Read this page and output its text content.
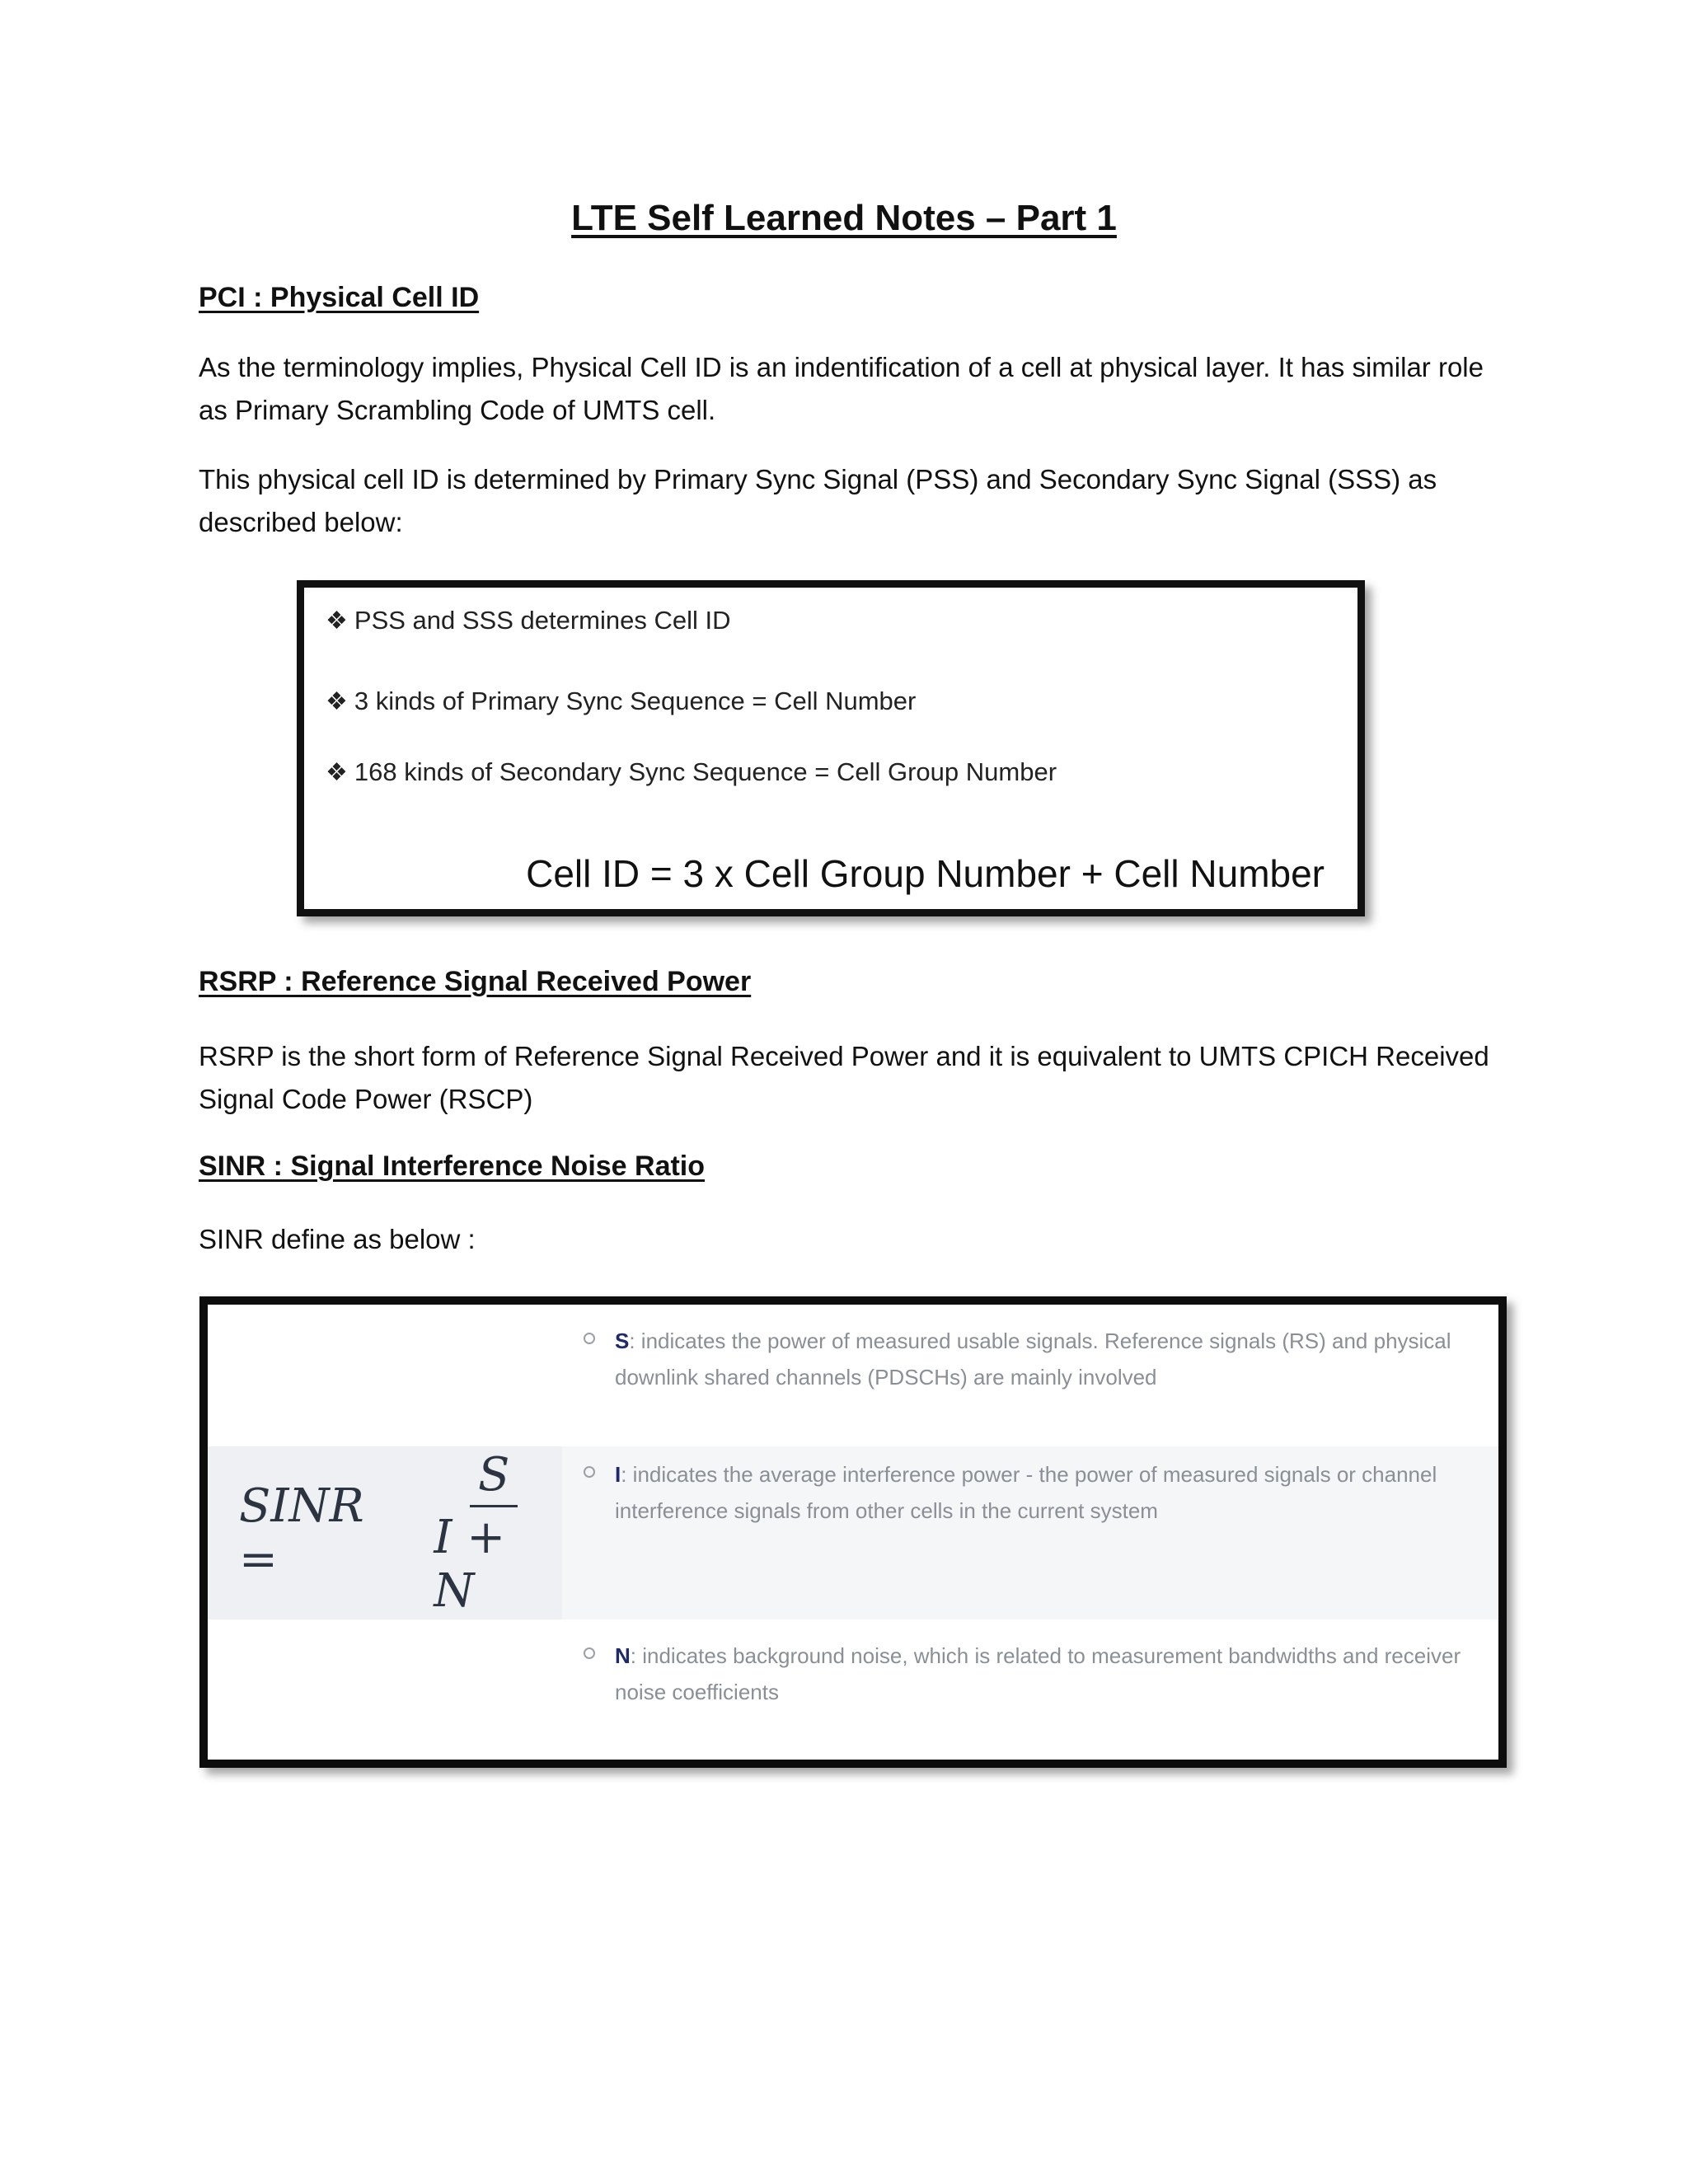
LTE Self Learned Notes – Part 1
PCI : Physical Cell ID
As the terminology implies, Physical Cell ID is an indentification of a cell at physical layer. It has similar role as Primary Scrambling Code of UMTS cell.
This physical cell ID is determined by Primary Sync Signal (PSS) and Secondary Sync Signal (SSS) as described below:
❖ PSS and SSS determines Cell ID
❖ 3 kinds of Primary Sync Sequence = Cell Number
❖ 168 kinds of Secondary Sync Sequence = Cell Group Number
Cell ID = 3 x Cell Group Number + Cell Number
RSRP : Reference Signal Received Power
RSRP is the short form of Reference Signal Received Power and it is equivalent to UMTS CPICH Received Signal Code Power (RSCP)
SINR : Signal Interference Noise Ratio
SINR define as below :
SINR =	$\frac{S}{I + N}$
S: indicates the power of measured usable signals. Reference signals (RS) and physical downlink shared channels (PDSCHs) are mainly involved
I: indicates the average interference power - the power of measured signals or channel interference signals from other cells in the current system
N: indicates background noise, which is related to measurement bandwidths and receiver noise coefficients
